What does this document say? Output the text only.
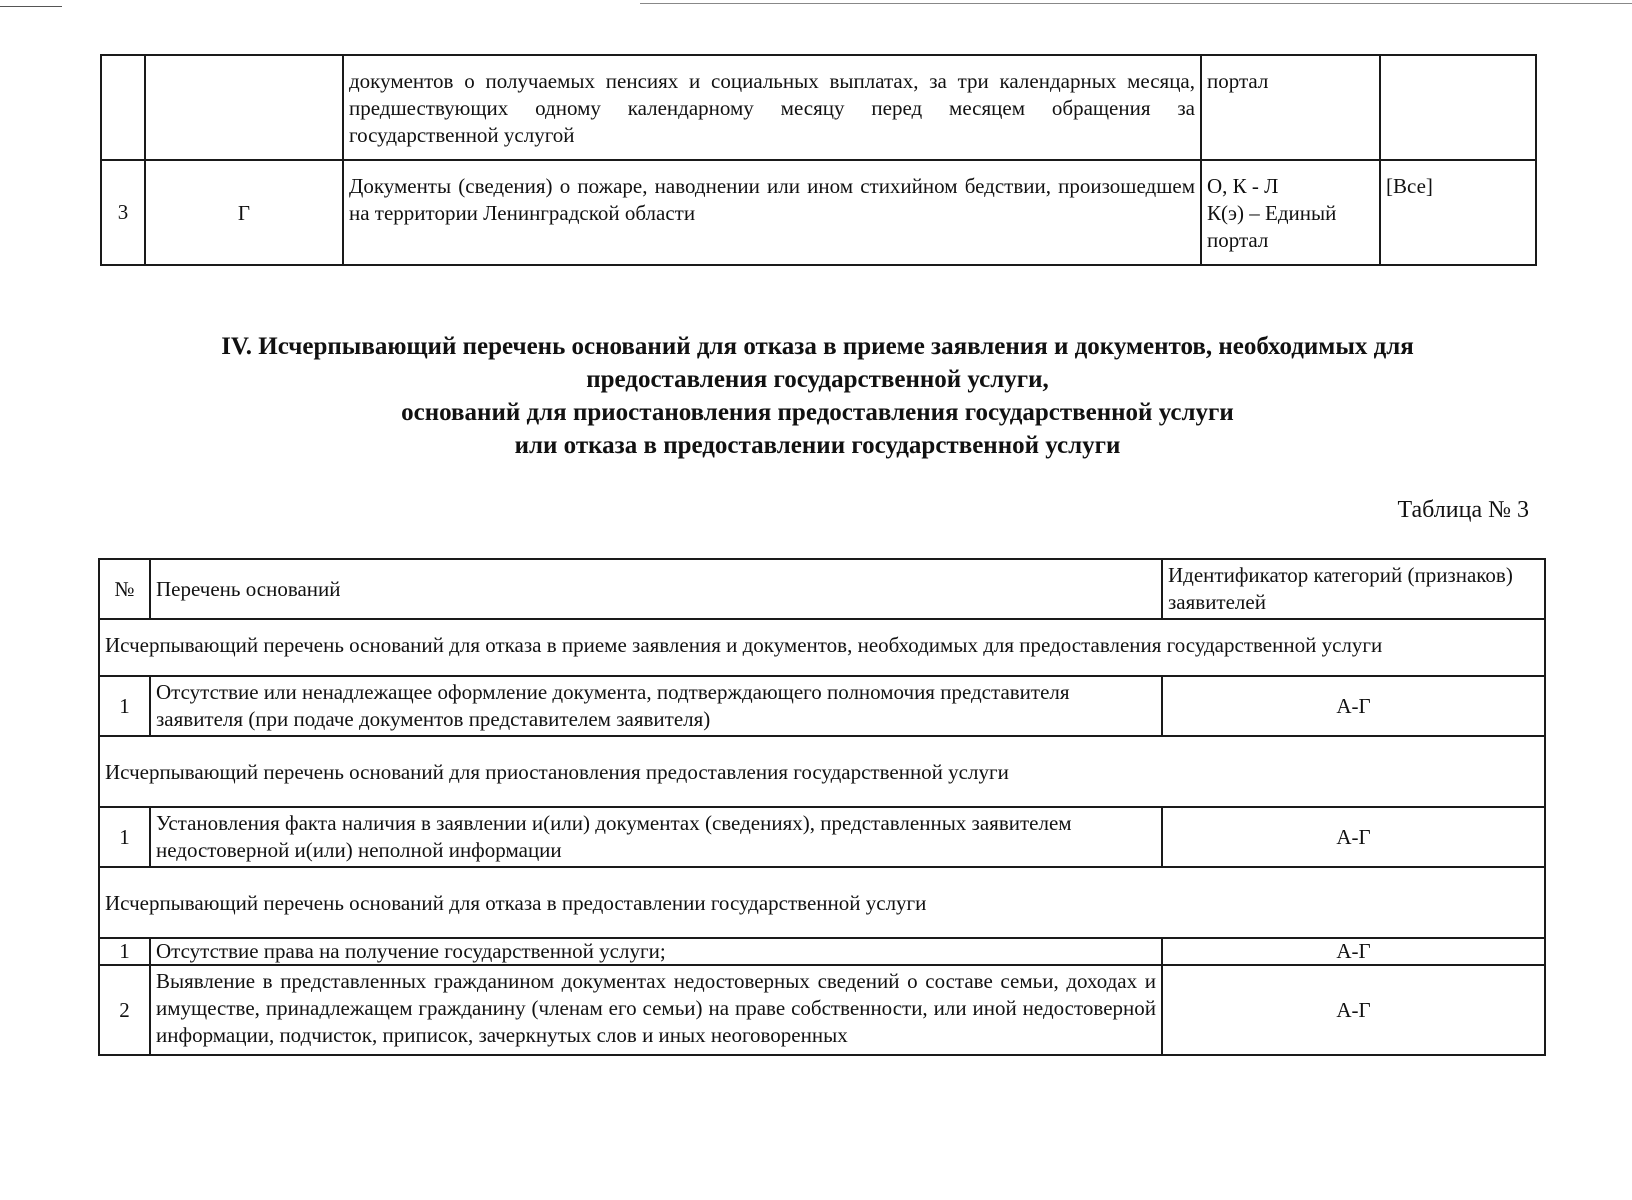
		документов о получаемых пенсиях и социальных выплатах, за три календарных месяца, предшествующих одному календарному месяцу перед месяцем обращения за государственной услугой	портал	

3	Г	Документы (сведения) о пожаре, наводнении или ином стихийном бедствии, произошедшем на территории Ленинградской области	О, К - Л
К(э) – Единый
портал	[Все]
IV. Исчерпывающий перечень оснований для отказа в приеме заявления и документов, необходимых для
предоставления государственной услуги,
оснований для приостановления предоставления государственной услуги
или отказа в предоставлении государственной услуги
Таблица № 3
№	Перечень оснований	Идентификатор категорий (признаков) заявителей
Исчерпывающий перечень оснований для отказа в приеме заявления и документов, необходимых для предоставления государственной услуги		
1	Отсутствие или ненадлежащее оформление документа, подтверждающего полномочия представителя заявителя (при подаче документов представителем заявителя)	А-Г
Исчерпывающий перечень оснований для приостановления предоставления государственной услуги		
1	Установления факта наличия в заявлении и(или) документах (сведениях), представленных заявителем недостоверной и(или) неполной информации	А-Г
Исчерпывающий перечень оснований для отказа в предоставлении государственной услуги		
1	Отсутствие права на получение государственной услуги;	А-Г
2	Выявление в представленных гражданином документах недостоверных сведений о составе семьи, доходах и имуществе, принадлежащем гражданину (членам его семьи) на праве собственности, или иной недостоверной информации, подчисток, приписок, зачеркнутых слов и иных неоговоренных	А-Г
